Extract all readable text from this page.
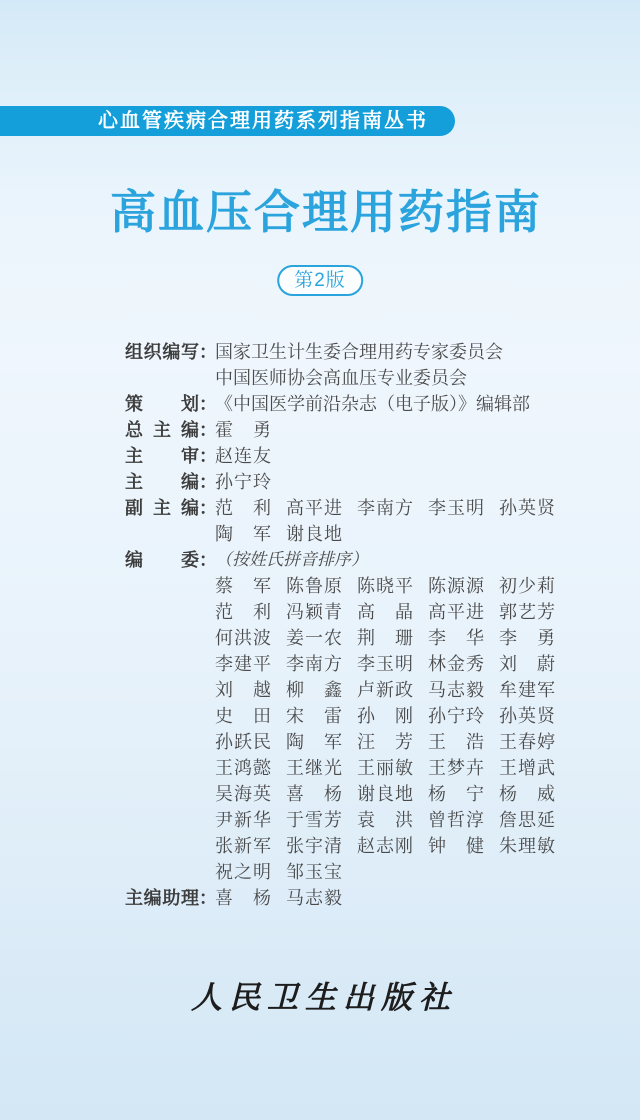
心血管疾病合理用药系列指南丛书
高血压合理用药指南
第2版
组织编写 ：
国家卫生计生委合理用药专家委员会
中国医师协会高血压专业委员会
策划 ：
《中国医学前沿杂志（电子版）》编辑部
总主编 ：
霍 勇
主审 ：
赵连友
主编 ：
孙宁玲
副主编 ：
范 利 高平进 李南方 李玉明 孙英贤
陶 军 谢良地
编委 ：
（按姓氏拼音排序）
蔡 军 陈鲁原 陈晓平 陈源源 初少莉
范 利 冯颖青 高 晶 高平进 郭艺芳
何洪波 姜一农 荆 珊 李 华 李 勇
李建平 李南方 李玉明 林金秀 刘 蔚
刘 越 柳 鑫 卢新政 马志毅 牟建军
史 田 宋 雷 孙 刚 孙宁玲 孙英贤
孙跃民 陶 军 汪 芳 王 浩 王春婷
王鸿懿 王继光 王丽敏 王梦卉 王增武
吴海英 喜 杨 谢良地 杨 宁 杨 威
尹新华 于雪芳 袁 洪 曾哲淳 詹思延
张新军 张宇清 赵志刚 钟 健 朱理敏
祝之明 邹玉宝
主编助理 ：
喜 杨 马志毅
人民卫生出版社
